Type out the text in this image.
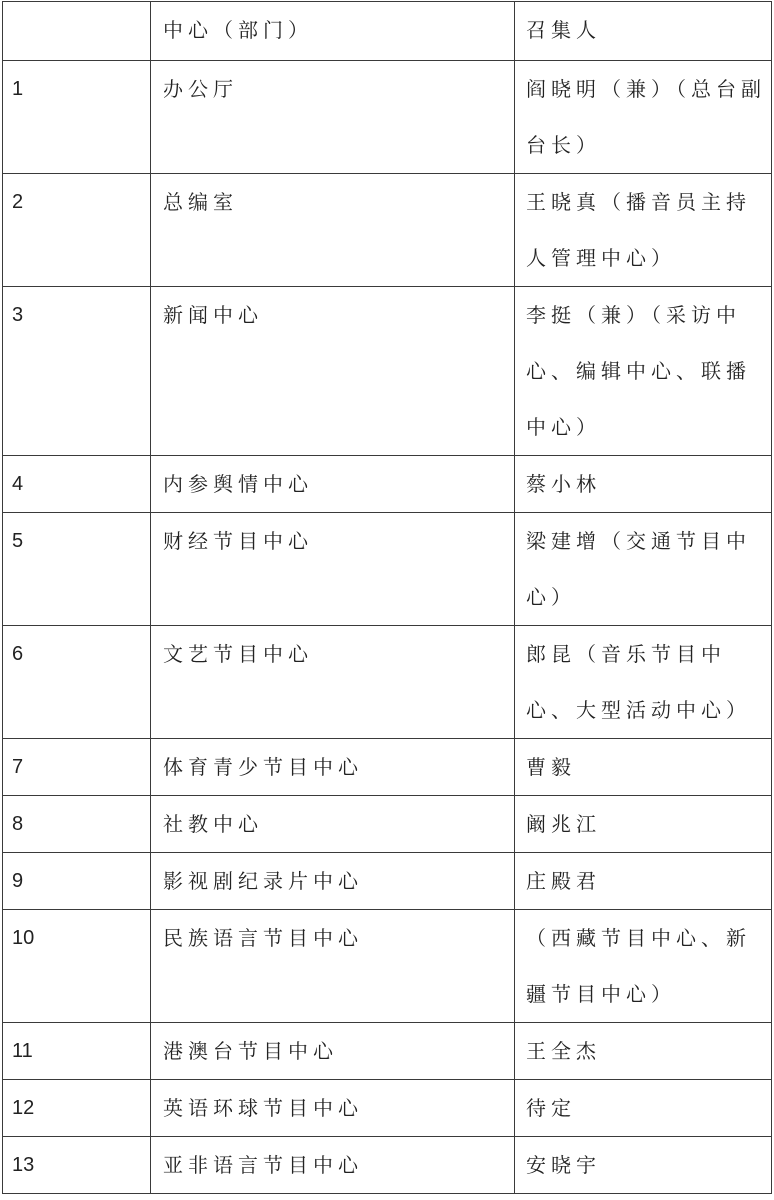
	中心（部门）	召集人
1	办公厅	阎晓明（兼）（总台副台长）
2	总编室	王晓真（播音员主持人管理中心）
3	新闻中心	李挺（兼）（采访中心、编辑中心、联播中心）
4	内参舆情中心	蔡小林
5	财经节目中心	梁建增（交通节目中心）
6	文艺节目中心	郎昆（音乐节目中心、大型活动中心）
7	体育青少节目中心	曹毅
8	社教中心	阚兆江
9	影视剧纪录片中心	庄殿君
10	民族语言节目中心	（西藏节目中心、新疆节目中心）
11	港澳台节目中心	王全杰
12	英语环球节目中心	待定
13	亚非语言节目中心	安晓宇
